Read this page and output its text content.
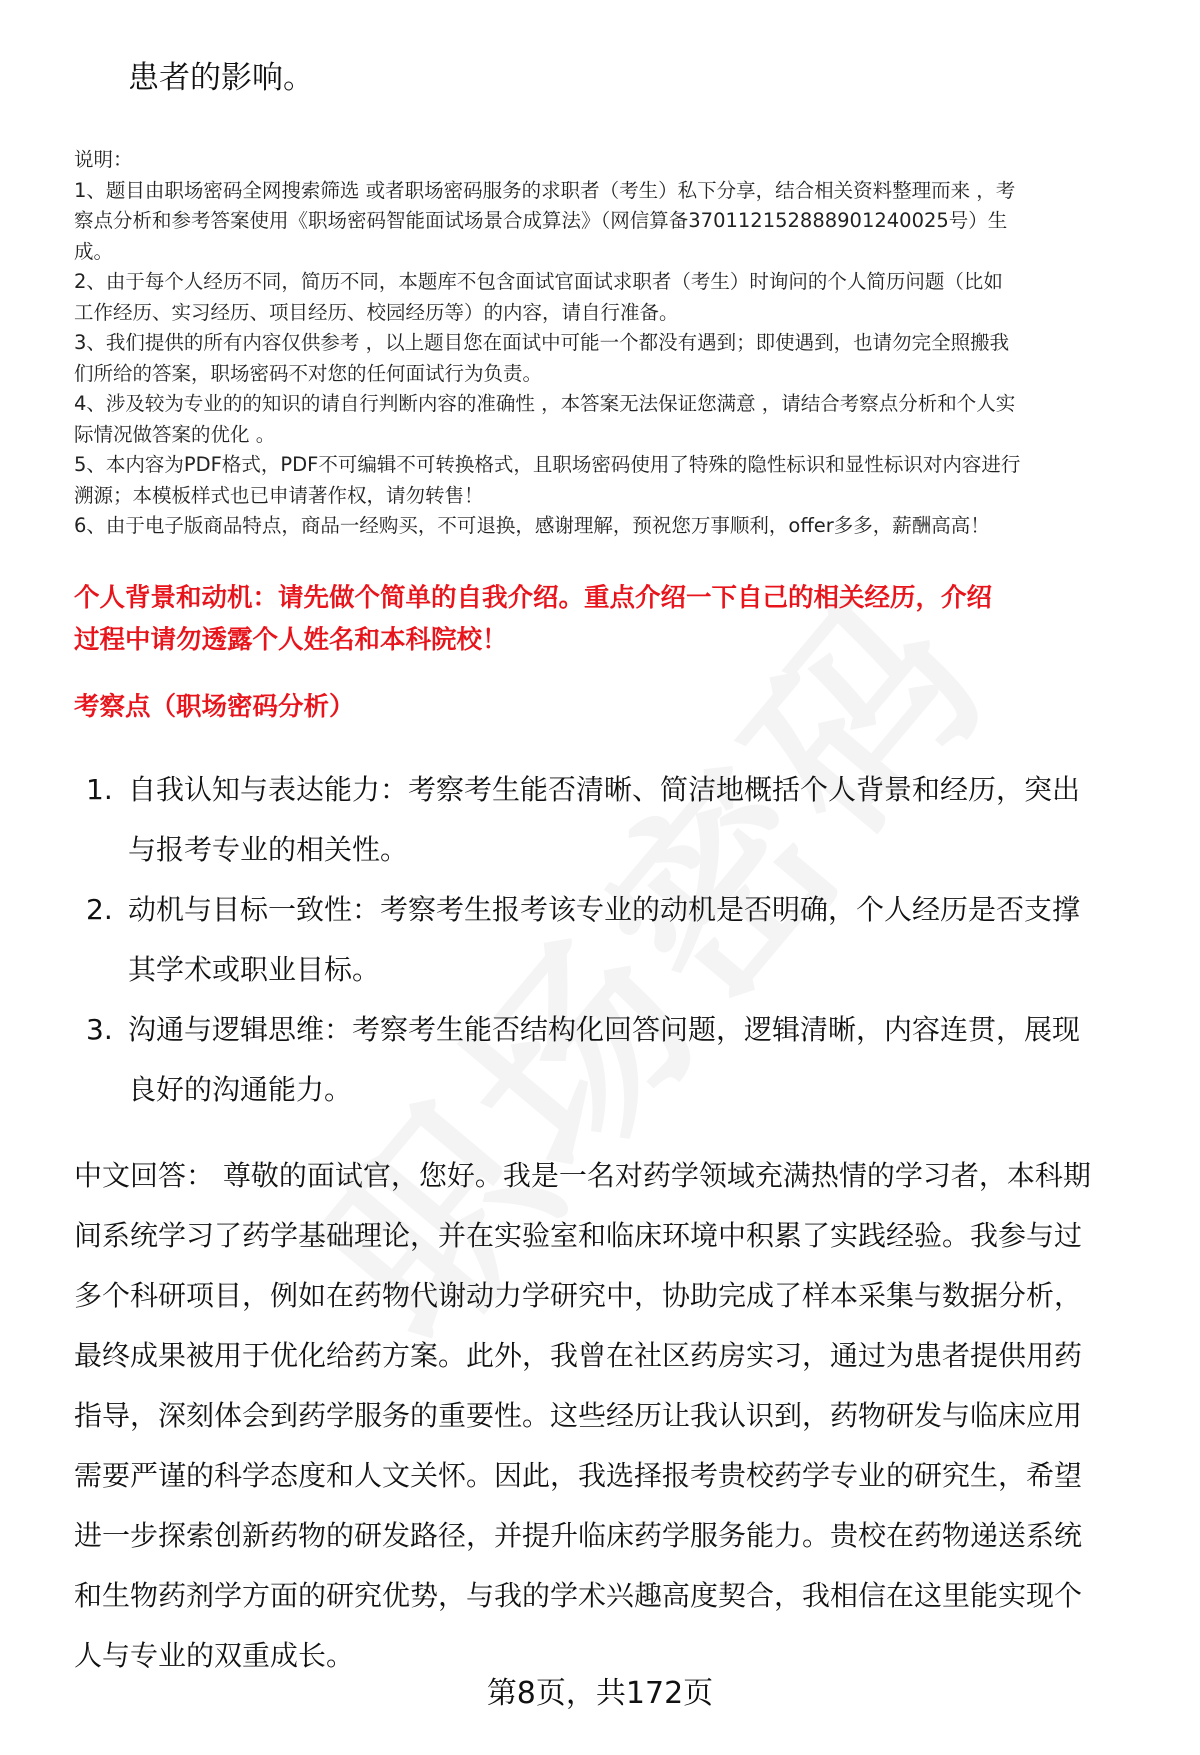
患者的影响。
说明：
1、题目由职场密码全网搜索筛选 或者职场密码服务的求职者（考生）私下分享，结合相关资料整理而来 ，考
察点分析和参考答案使用《职场密码智能面试场景合成算法》（网信算备370112152888901240025号）生
成。
2、由于每个人经历不同，简历不同，本题库不包含面试官面试求职者（考生）时询问的个人简历问题（比如
工作经历、实习经历、项目经历、校园经历等）的内容，请自行准备。
3、我们提供的所有内容仅供参考 ，以上题目您在面试中可能一个都没有遇到；即使遇到，也请勿完全照搬我
们所给的答案，职场密码不对您的任何面试行为负责。
4、涉及较为专业的的知识的请自行判断内容的准确性 ，本答案无法保证您满意 ，请结合考察点分析和个人实
际情况做答案的优化 。
5、本内容为PDF格式，PDF不可编辑不可转换格式，且职场密码使用了特殊的隐性标识和显性标识对内容进行
溯源；本模板样式也已申请著作权，请勿转售！
6、由于电子版商品特点，商品一经购买，不可退换，感谢理解，预祝您万事顺利，offer多多，薪酬高高！
个人背景和动机：请先做个简单的自我介绍。重点介绍一下自己的相关经历，介绍
过程中请勿透露个人姓名和本科院校！
考察点（职场密码分析）
1. 自我认知与表达能力：考察考生能否清晰、简洁地概括个人背景和经历，突出
与报考专业的相关性。
2. 动机与目标一致性：考察考生报考该专业的动机是否明确，个人经历是否支撑
其学术或职业目标。
3. 沟通与逻辑思维：考察考生能否结构化回答问题，逻辑清晰，内容连贯，展现
良好的沟通能力。
中文回答： 尊敬的面试官，您好。我是一名对药学领域充满热情的学习者，本科期
间系统学习了药学基础理论，并在实验室和临床环境中积累了实践经验。我参与过
多个科研项目，例如在药物代谢动力学研究中，协助完成了样本采集与数据分析，
最终成果被用于优化给药方案。此外，我曾在社区药房实习，通过为患者提供用药
指导，深刻体会到药学服务的重要性。这些经历让我认识到，药物研发与临床应用
需要严谨的科学态度和人文关怀。因此，我选择报考贵校药学专业的研究生，希望
进一步探索创新药物的研发路径，并提升临床药学服务能力。贵校在药物递送系统
和生物药剂学方面的研究优势，与我的学术兴趣高度契合，我相信在这里能实现个
人与专业的双重成长。
第8页，共172页
